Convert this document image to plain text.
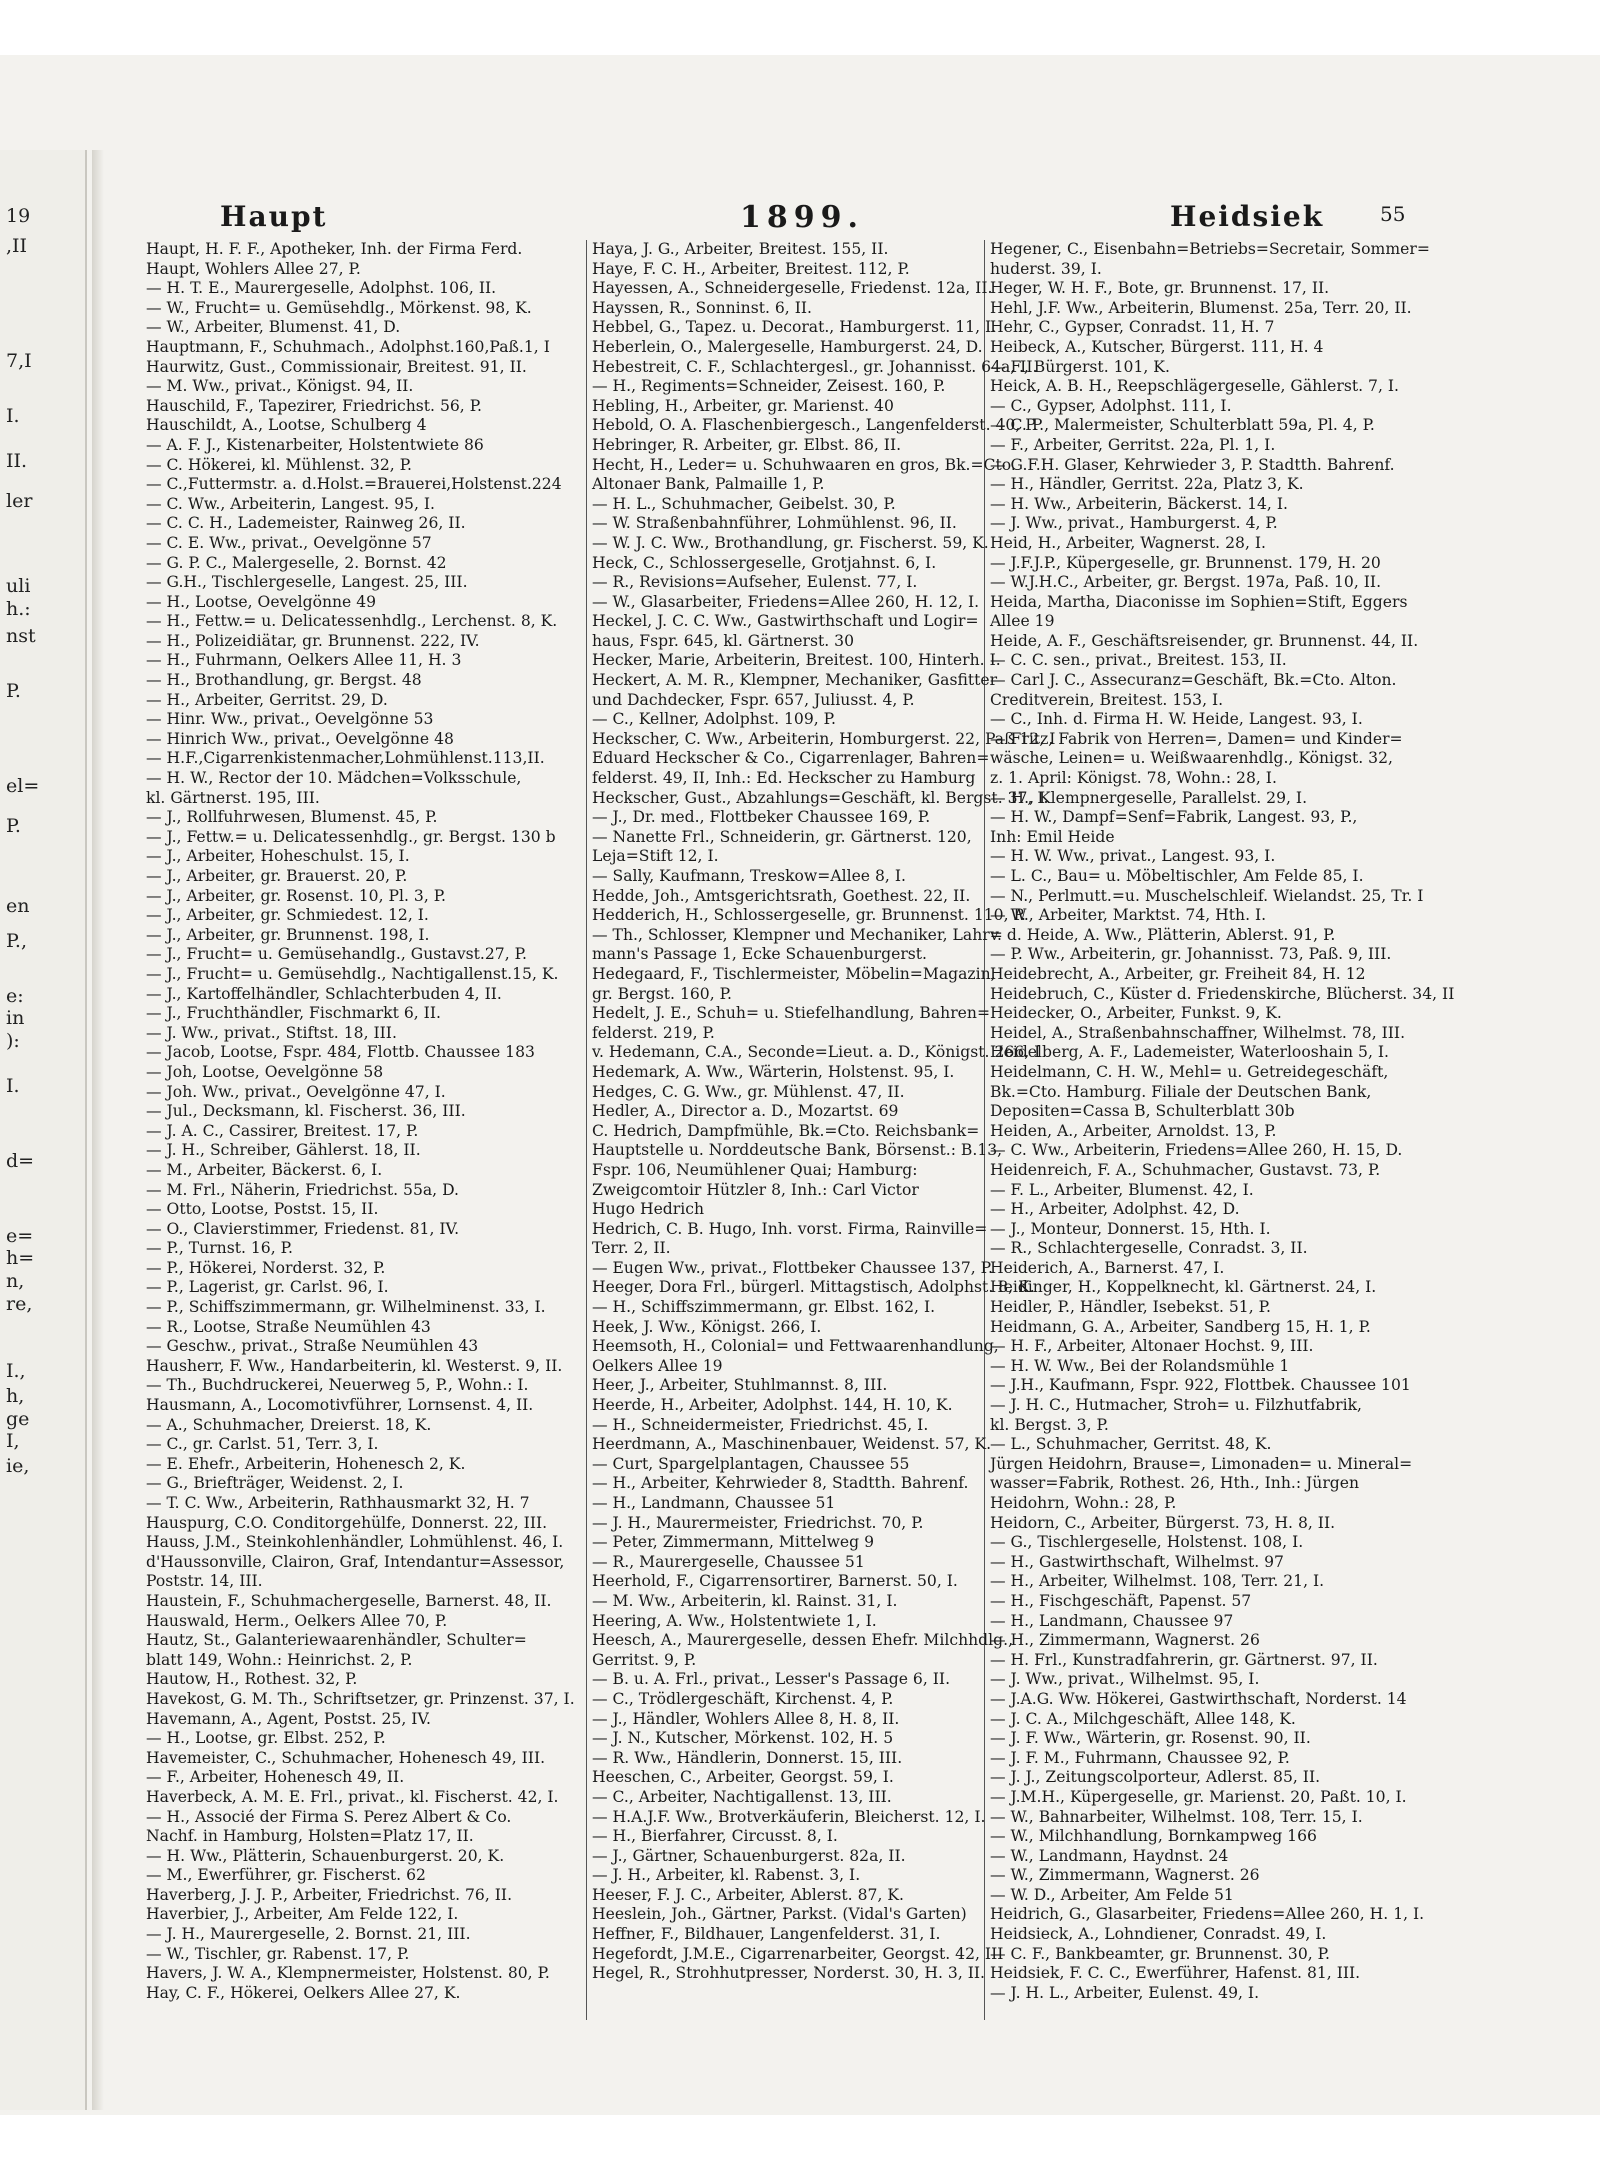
19
,II
7,I
I.
II.
ler
uli
h.:
nst
P.
el=
P.
en
P.,
e:
in
):
I.
d=
e=
h=
n,
re,
I.,
h,
ge
I,
ie,
Haupt	1899.	Heidsiek	55

Haupt, H. F. F., Apotheker, Inh. der Firma Ferd.

Haupt, Wohlers Allee 27, P.

— H. T. E., Maurergeselle, Adolphst. 106, II.

— W., Frucht= u. Gemüsehdlg., Mörkenst. 98, K.

— W., Arbeiter, Blumenst. 41, D.

Hauptmann, F., Schuhmach., Adolphst.160,Paß.1, I

Haurwitz, Gust., Commissionair, Breitest. 91, II.

— M. Ww., privat., Königst. 94, II.

Hauschild, F., Tapezirer, Friedrichst. 56, P.

Hauschildt, A., Lootse, Schulberg 4

— A. F. J., Kistenarbeiter, Holstentwiete 86

— C. Hökerei, kl. Mühlenst. 32, P.

— C.,Futtermstr. a. d.Holst.=Brauerei,Holstenst.224

— C. Ww., Arbeiterin, Langest. 95, I.

— C. C. H., Lademeister, Rainweg 26, II.

— C. E. Ww., privat., Oevelgönne 57

— G. P. C., Malergeselle, 2. Bornst. 42

— G.H., Tischlergeselle, Langest. 25, III.

— H., Lootse, Oevelgönne 49

— H., Fettw.= u. Delicatessenhdlg., Lerchenst. 8, K.

— H., Polizeidiätar, gr. Brunnenst. 222, IV.

— H., Fuhrmann, Oelkers Allee 11, H. 3

— H., Brothandlung, gr. Bergst. 48

— H., Arbeiter, Gerritst. 29, D.

— Hinr. Ww., privat., Oevelgönne 53

— Hinrich Ww., privat., Oevelgönne 48

— H.F.,Cigarrenkistenmacher,Lohmühlenst.113,II.

— H. W., Rector der 10. Mädchen=Volksschule,

kl. Gärtnerst. 195, III.

— J., Rollfuhrwesen, Blumenst. 45, P.

— J., Fettw.= u. Delicatessenhdlg., gr. Bergst. 130 b

— J., Arbeiter, Hoheschulst. 15, I.

— J., Arbeiter, gr. Brauerst. 20, P.

— J., Arbeiter, gr. Rosenst. 10, Pl. 3, P.

— J., Arbeiter, gr. Schmiedest. 12, I.

— J., Arbeiter, gr. Brunnenst. 198, I.

— J., Frucht= u. Gemüsehandlg., Gustavst.27, P.

— J., Frucht= u. Gemüsehdlg., Nachtigallenst.15, K.

— J., Kartoffelhändler, Schlachterbuden 4, II.

— J., Fruchthändler, Fischmarkt 6, II.

— J. Ww., privat., Stiftst. 18, III.

— Jacob, Lootse, Fspr. 484, Flottb. Chaussee 183

— Joh, Lootse, Oevelgönne 58

— Joh. Ww., privat., Oevelgönne 47, I.

— Jul., Decksmann, kl. Fischerst. 36, III.

— J. A. C., Cassirer, Breitest. 17, P.

— J. H., Schreiber, Gählerst. 18, II.

— M., Arbeiter, Bäckerst. 6, I.

— M. Frl., Näherin, Friedrichst. 55a, D.

— Otto, Lootse, Postst. 15, II.

— O., Clavierstimmer, Friedenst. 81, IV.

— P., Turnst. 16, P.

— P., Hökerei, Norderst. 32, P.

— P., Lagerist, gr. Carlst. 96, I.

— P., Schiffszimmermann, gr. Wilhelminenst. 33, I.

— R., Lootse, Straße Neumühlen 43

— Geschw., privat., Straße Neumühlen 43

Hausherr, F. Ww., Handarbeiterin, kl. Westerst. 9, II.

— Th., Buchdruckerei, Neuerweg 5, P., Wohn.: I.

Hausmann, A., Locomotivführer, Lornsenst. 4, II.

— A., Schuhmacher, Dreierst. 18, K.

— C., gr. Carlst. 51, Terr. 3, I.

— E. Ehefr., Arbeiterin, Hohenesch 2, K.

— G., Briefträger, Weidenst. 2, I.

— T. C. Ww., Arbeiterin, Rathhausmarkt 32, H. 7

Hauspurg, C.O. Conditorgehülfe, Donnerst. 22, III.

Hauss, J.M., Steinkohlenhändler, Lohmühlenst. 46, I.

d'Haussonville, Clairon, Graf, Intendantur=Assessor,

Poststr. 14, III.

Haustein, F., Schuhmachergeselle, Barnerst. 48, II.

Hauswald, Herm., Oelkers Allee 70, P.

Hautz, St., Galanteriewaarenhändler, Schulter=

blatt 149, Wohn.: Heinrichst. 2, P.

Hautow, H., Rothest. 32, P.

Havekost, G. M. Th., Schriftsetzer, gr. Prinzenst. 37, I.

Havemann, A., Agent, Postst. 25, IV.

— H., Lootse, gr. Elbst. 252, P.

Havemeister, C., Schuhmacher, Hohenesch 49, III.

— F., Arbeiter, Hohenesch 49, II.

Haverbeck, A. M. E. Frl., privat., kl. Fischerst. 42, I.

— H., Associé der Firma S. Perez Albert & Co.

Nachf. in Hamburg, Holsten=Platz 17, II.

— H. Ww., Plätterin, Schauenburgerst. 20, K.

— M., Ewerführer, gr. Fischerst. 62

Haverberg, J. J. P., Arbeiter, Friedrichst. 76, II.

Haverbier, J., Arbeiter, Am Felde 122, I.

— J. H., Maurergeselle, 2. Bornst. 21, III.

— W., Tischler, gr. Rabenst. 17, P.

Havers, J. W. A., Klempnermeister, Holstenst. 80, P.

Hay, C. F., Hökerei, Oelkers Allee 27, K.

Haya, J. G., Arbeiter, Breitest. 155, II.

Haye, F. C. H., Arbeiter, Breitest. 112, P.

Hayessen, A., Schneidergeselle, Friedenst. 12a, II.

Hayssen, R., Sonninst. 6, II.

Hebbel, G., Tapez. u. Decorat., Hamburgerst. 11, I.

Heberlein, O., Malergeselle, Hamburgerst. 24, D.

Hebestreit, C. F., Schlachtergesl., gr. Johannisst. 64a, II.

— H., Regiments=Schneider, Zeisest. 160, P.

Hebling, H., Arbeiter, gr. Marienst. 40

Hebold, O. A. Flaschenbiergesch., Langenfelderst. 40, P.

Hebringer, R. Arbeiter, gr. Elbst. 86, II.

Hecht, H., Leder= u. Schuhwaaren en gros, Bk.=Cto.

Altonaer Bank, Palmaille 1, P.

— H. L., Schuhmacher, Geibelst. 30, P.

— W. Straßenbahnführer, Lohmühlenst. 96, II.

— W. J. C. Ww., Brothandlung, gr. Fischerst. 59, K.

Heck, C., Schlossergeselle, Grotjahnst. 6, I.

— R., Revisions=Aufseher, Eulenst. 77, I.

— W., Glasarbeiter, Friedens=Allee 260, H. 12, I.

Heckel, J. C. C. Ww., Gastwirthschaft und Logir=

haus, Fspr. 645, kl. Gärtnerst. 30

Hecker, Marie, Arbeiterin, Breitest. 100, Hinterh. I.

Heckert, A. M. R., Klempner, Mechaniker, Gasfitter

und Dachdecker, Fspr. 657, Juliusst. 4, P.

— C., Kellner, Adolphst. 109, P.

Heckscher, C. Ww., Arbeiterin, Homburgerst. 22, Paß 12, I

Eduard Heckscher & Co., Cigarrenlager, Bahren=

felderst. 49, II, Inh.: Ed. Heckscher zu Hamburg

Heckscher, Gust., Abzahlungs=Geschäft, kl. Bergst. 37, I.

— J., Dr. med., Flottbeker Chaussee 169, P.

— Nanette Frl., Schneiderin, gr. Gärtnerst. 120,

Leja=Stift 12, I.

— Sally, Kaufmann, Treskow=Allee 8, I.

Hedde, Joh., Amtsgerichtsrath, Goethest. 22, II.

Hedderich, H., Schlossergeselle, gr. Brunnenst. 110, P.

— Th., Schlosser, Klempner und Mechaniker, Lahr=

mann's Passage 1, Ecke Schauenburgerst.

Hedegaard, F., Tischlermeister, Möbelin=Magazin,

gr. Bergst. 160, P.

Hedelt, J. E., Schuh= u. Stiefelhandlung, Bahren=

felderst. 219, P.

v. Hedemann, C.A., Seconde=Lieut. a. D., Königst. 266, I

Hedemark, A. Ww., Wärterin, Holstenst. 95, I.

Hedges, C. G. Ww., gr. Mühlenst. 47, II.

Hedler, A., Director a. D., Mozartst. 69

C. Hedrich, Dampfmühle, Bk.=Cto. Reichsbank=

Hauptstelle u. Norddeutsche Bank, Börsenst.: B.13,

Fspr. 106, Neumühlener Quai; Hamburg:

Zweigcomtoir Hützler 8, Inh.: Carl Victor

Hugo Hedrich

Hedrich, C. B. Hugo, Inh. vorst. Firma, Rainville=

Terr. 2, II.

— Eugen Ww., privat., Flottbeker Chaussee 137, P.

Heeger, Dora Frl., bürgerl. Mittagstisch, Adolphst. 8, K.

— H., Schiffszimmermann, gr. Elbst. 162, I.

Heek, J. Ww., Königst. 266, I.

Heemsoth, H., Colonial= und Fettwaarenhandlung,

Oelkers Allee 19

Heer, J., Arbeiter, Stuhlmannst. 8, III.

Heerde, H., Arbeiter, Adolphst. 144, H. 10, K.

— H., Schneidermeister, Friedrichst. 45, I.

Heerdmann, A., Maschinenbauer, Weidenst. 57, K.

— Curt, Spargelplantagen, Chaussee 55

— H., Arbeiter, Kehrwieder 8, Stadtth. Bahrenf.

— H., Landmann, Chaussee 51

— J. H., Maurermeister, Friedrichst. 70, P.

— Peter, Zimmermann, Mittelweg 9

— R., Maurergeselle, Chaussee 51

Heerhold, F., Cigarrensortirer, Barnerst. 50, I.

— M. Ww., Arbeiterin, kl. Rainst. 31, I.

Heering, A. Ww., Holstentwiete 1, I.

Heesch, A., Maurergeselle, dessen Ehefr. Milchhdlg.,

Gerritst. 9, P.

— B. u. A. Frl., privat., Lesser's Passage 6, II.

— C., Trödlergeschäft, Kirchenst. 4, P.

— J., Händler, Wohlers Allee 8, H. 8, II.

— J. N., Kutscher, Mörkenst. 102, H. 5

— R. Ww., Händlerin, Donnerst. 15, III.

Heeschen, C., Arbeiter, Georgst. 59, I.

— C., Arbeiter, Nachtigallenst. 13, III.

— H.A.J.F. Ww., Brotverkäuferin, Bleicherst. 12, I.

— H., Bierfahrer, Circusst. 8, I.

— J., Gärtner, Schauenburgerst. 82a, II.

— J. H., Arbeiter, kl. Rabenst. 3, I.

Heeser, F. J. C., Arbeiter, Ablerst. 87, K.

Heeslein, Joh., Gärtner, Parkst. (Vidal's Garten)

Heffner, F., Bildhauer, Langenfelderst. 31, I.

Hegefordt, J.M.E., Cigarrenarbeiter, Georgst. 42, III

Hegel, R., Strohhutpresser, Norderst. 30, H. 3, II.

Hegener, C., Eisenbahn=Betriebs=Secretair, Sommer=

huderst. 39, I.

Heger, W. H. F., Bote, gr. Brunnenst. 17, II.

Hehl, J.F. Ww., Arbeiterin, Blumenst. 25a, Terr. 20, II.

Hehr, C., Gypser, Conradst. 11, H. 7

Heibeck, A., Kutscher, Bürgerst. 111, H. 4

— F., Bürgerst. 101, K.

Heick, A. B. H., Reepschlägergeselle, Gählerst. 7, I.

— C., Gypser, Adolphst. 111, I.

— C. P., Malermeister, Schulterblatt 59a, Pl. 4, P.

— F., Arbeiter, Gerritst. 22a, Pl. 1, I.

— G.F.H. Glaser, Kehrwieder 3, P. Stadtth. Bahrenf.

— H., Händler, Gerritst. 22a, Platz 3, K.

— H. Ww., Arbeiterin, Bäckerst. 14, I.

— J. Ww., privat., Hamburgerst. 4, P.

Heid, H., Arbeiter, Wagnerst. 28, I.

— J.F.J.P., Küpergeselle, gr. Brunnenst. 179, H. 20

— W.J.H.C., Arbeiter, gr. Bergst. 197a, Paß. 10, II.

Heida, Martha, Diaconisse im Sophien=Stift, Eggers

Allee 19

Heide, A. F., Geschäftsreisender, gr. Brunnenst. 44, II.

— C. C. sen., privat., Breitest. 153, II.

— Carl J. C., Assecuranz=Geschäft, Bk.=Cto. Alton.

Creditverein, Breitest. 153, I.

— C., Inh. d. Firma H. W. Heide, Langest. 93, I.

— Fritz, Fabrik von Herren=, Damen= und Kinder=

wäsche, Leinen= u. Weißwaarenhdlg., Königst. 32,

z. 1. April: Königst. 78, Wohn.: 28, I.

— H., Klempnergeselle, Parallelst. 29, I.

— H. W., Dampf=Senf=Fabrik, Langest. 93, P.,

Inh: Emil Heide

— H. W. Ww., privat., Langest. 93, I.

— L. C., Bau= u. Möbeltischler, Am Felde 85, I.

— N., Perlmutt.=u. Muschelschleif. Wielandst. 25, Tr. I

— W., Arbeiter, Marktst. 74, Hth. I.

v. d. Heide, A. Ww., Plätterin, Ablerst. 91, P.

— P. Ww., Arbeiterin, gr. Johannisst. 73, Paß. 9, III.

Heidebrecht, A., Arbeiter, gr. Freiheit 84, H. 12

Heidebruch, C., Küster d. Friedenskirche, Blücherst. 34, II

Heidecker, O., Arbeiter, Funkst. 9, K.

Heidel, A., Straßenbahnschaffner, Wilhelmst. 78, III.

Heidelberg, A. F., Lademeister, Waterlooshain 5, I.

Heidelmann, C. H. W., Mehl= u. Getreidegeschäft,

Bk.=Cto. Hamburg. Filiale der Deutschen Bank,

Depositen=Cassa B, Schulterblatt 30b

Heiden, A., Arbeiter, Arnoldst. 13, P.

— C. Ww., Arbeiterin, Friedens=Allee 260, H. 15, D.

Heidenreich, F. A., Schuhmacher, Gustavst. 73, P.

— F. L., Arbeiter, Blumenst. 42, I.

— H., Arbeiter, Adolphst. 42, D.

— J., Monteur, Donnerst. 15, Hth. I.

— R., Schlachtergeselle, Conradst. 3, II.

Heiderich, A., Barnerst. 47, I.

Heidinger, H., Koppelknecht, kl. Gärtnerst. 24, I.

Heidler, P., Händler, Isebekst. 51, P.

Heidmann, G. A., Arbeiter, Sandberg 15, H. 1, P.

— H. F., Arbeiter, Altonaer Hochst. 9, III.

— H. W. Ww., Bei der Rolandsmühle 1

— J.H., Kaufmann, Fspr. 922, Flottbek. Chaussee 101

— J. H. C., Hutmacher, Stroh= u. Filzhutfabrik,

kl. Bergst. 3, P.

— L., Schuhmacher, Gerritst. 48, K.

Jürgen Heidohrn, Brause=, Limonaden= u. Mineral=

wasser=Fabrik, Rothest. 26, Hth., Inh.: Jürgen

Heidohrn, Wohn.: 28, P.

Heidorn, C., Arbeiter, Bürgerst. 73, H. 8, II.

— G., Tischlergeselle, Holstenst. 108, I.

— H., Gastwirthschaft, Wilhelmst. 97

— H., Arbeiter, Wilhelmst. 108, Terr. 21, I.

— H., Fischgeschäft, Papenst. 57

— H., Landmann, Chaussee 97

— H., Zimmermann, Wagnerst. 26

— H. Frl., Kunstradfahrerin, gr. Gärtnerst. 97, II.

— J. Ww., privat., Wilhelmst. 95, I.

— J.A.G. Ww. Hökerei, Gastwirthschaft, Norderst. 14

— J. C. A., Milchgeschäft, Allee 148, K.

— J. F. Ww., Wärterin, gr. Rosenst. 90, II.

— J. F. M., Fuhrmann, Chaussee 92, P.

— J. J., Zeitungscolporteur, Adlerst. 85, II.

— J.M.H., Küpergeselle, gr. Marienst. 20, Paßt. 10, I.

— W., Bahnarbeiter, Wilhelmst. 108, Terr. 15, I.

— W., Milchhandlung, Bornkampweg 166

— W., Landmann, Haydnst. 24

— W., Zimmermann, Wagnerst. 26

— W. D., Arbeiter, Am Felde 51

Heidrich, G., Glasarbeiter, Friedens=Allee 260, H. 1, I.

Heidsieck, A., Lohndiener, Conradst. 49, I.

— C. F., Bankbeamter, gr. Brunnenst. 30, P.

Heidsiek, F. C. C., Ewerführer, Hafenst. 81, III.

— J. H. L., Arbeiter, Eulenst. 49, I.
